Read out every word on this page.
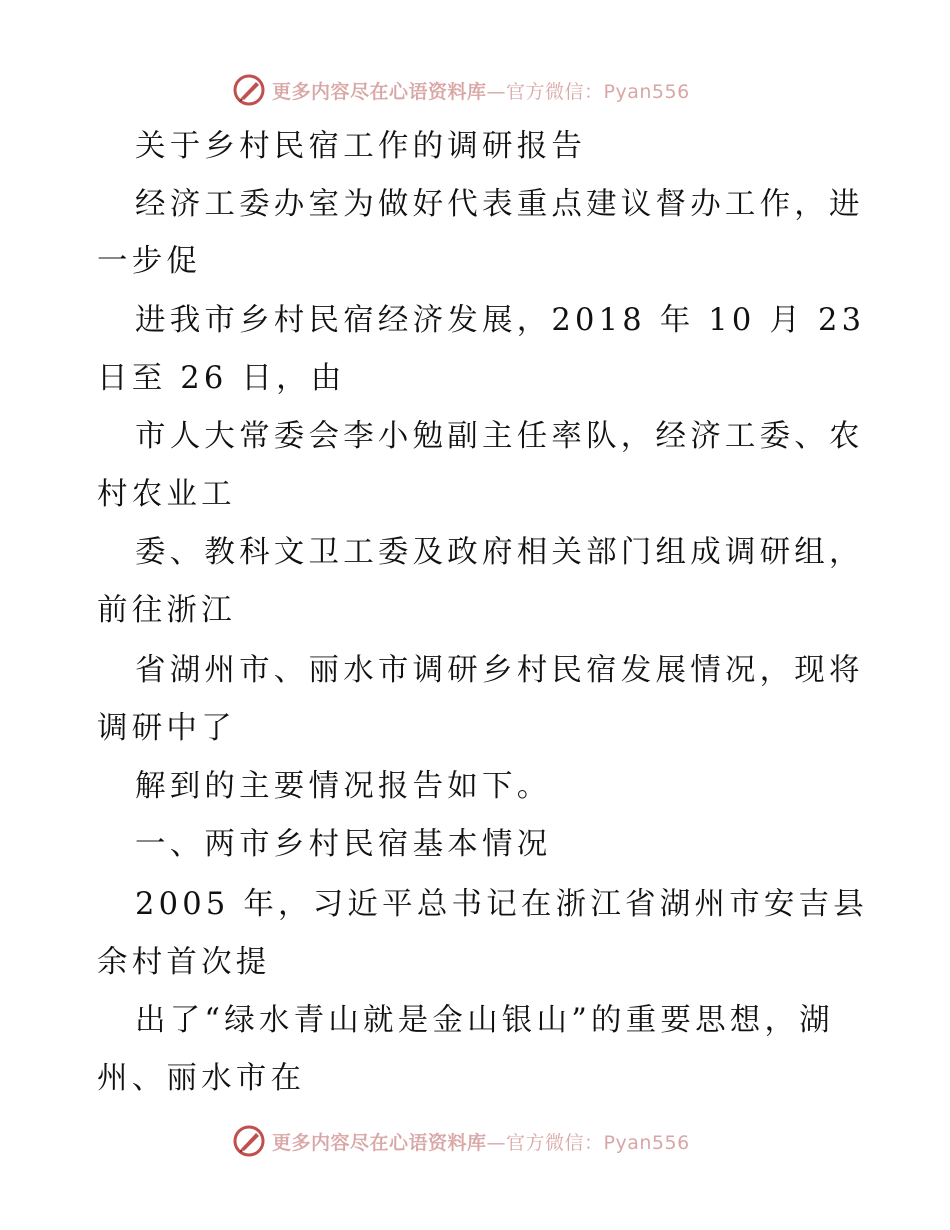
更多内容尽在心语资料库—官方微信：Pyan556
关于乡村民宿工作的调研报告
经济工委办室为做好代表重点建议督办工作，进
一步促
进我市乡村民宿经济发展，2018 年 10 月 23
日至 26 日，由
市人大常委会李小勉副主任率队，经济工委、农
村农业工
委、教科文卫工委及政府相关部门组成调研组，
前往浙江
省湖州市、丽水市调研乡村民宿发展情况，现将
调研中了
解到的主要情况报告如下。
一、两市乡村民宿基本情况
2005 年，习近平总书记在浙江省湖州市安吉县
余村首次提
出了“绿水青山就是金山银山”的重要思想，湖
州、丽水市在
更多内容尽在心语资料库—官方微信：Pyan556
